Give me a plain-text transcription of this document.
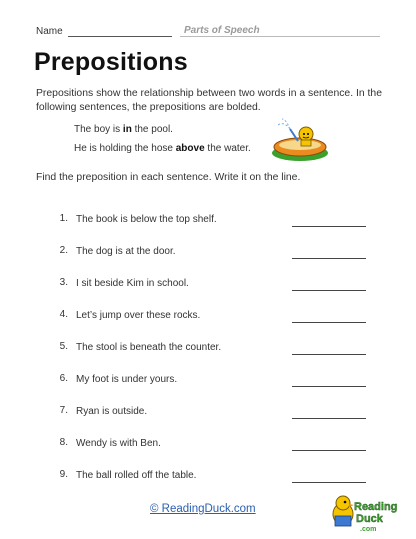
Name	Parts of Speech
Prepositions
Prepositions show the relationship between two words in a sentence. In the following sentences, the prepositions are bolded.
The boy is in the pool.
He is holding the hose above the water.
Find the preposition in each sentence. Write it on the line.
1. The book is below the top shelf.
2. The dog is at the door.
3. I sit beside Kim in school.
4. Let’s jump over these rocks.
5. The stool is beneath the counter.
6. My foot is under yours.
7. Ryan is outside.
8. Wendy is with Ben.
9. The ball rolled off the table.
© ReadingDuck.com	Reading
Duck
.com
